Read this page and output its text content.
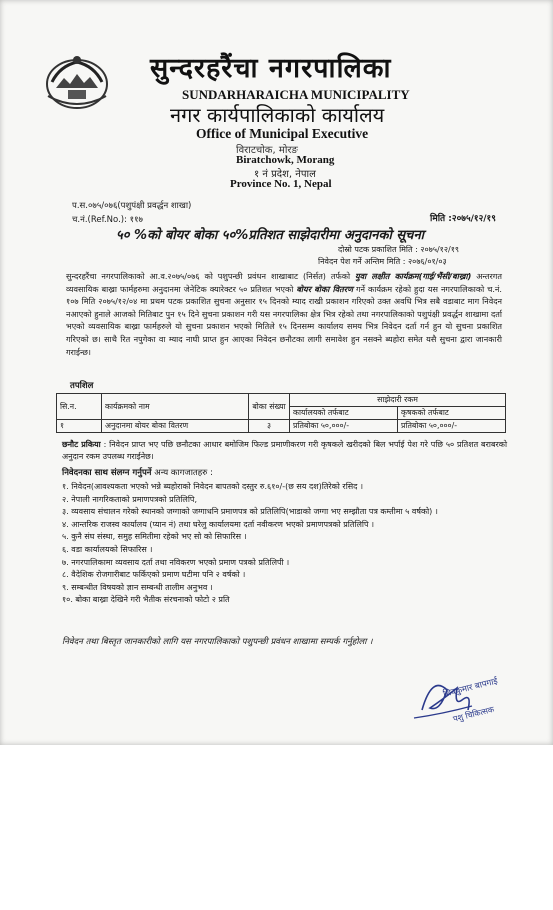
सुन्दरहरैंचा नगरपालिका
SUNDARHARAICHA MUNICIPALITY
नगर कार्यपालिकाको कार्यालय
Office of Municipal Executive
विराटचोक, मोरङ
Biratchowk, Morang
१ नं प्रदेश, नेपाल
Province No. 1, Nepal
प.स.०७५/०७६(पशुपंक्षी प्रवर्द्धन शाखा)
च.नं.(Ref.No.): ११७	मिति :२०७५/१२/१९
५० %को बोयर बोका ५०%प्रतिशत साझेदारीमा अनुदानको सूचना
दोस्रो पटक प्रकाशित मिति : २०७५/१२/१९
निवेदन पेश गर्ने अन्तिम मिति : २०७६/०१/०३
सुन्दरहरैंचा नगरपालिकाको आ.व.२०७५/०७६ को पशुपन्छी प्रवंधन शाखाबाट (निर्सत) तर्फको युवा लक्षीत कार्यक्रम(गाई/भैंसी/बाख्रा) अन्तरगत व्यवसायिक बाख्रा फार्महरुमा अनुदानमा जेनेटिक क्यारेक्टर ५० प्रतिशत भएको बोयर बोका वितरण गर्ने कार्यक्रम रहेको हुदा यस नगरपालिकाको च.नं. १०७ मिति २०७५/१२/०४ मा प्रथम पटक प्रकाशित सुचना अनुसार १५ दिनको म्याद राखी प्रकाशन गरिएको उक्त अवधि भित्र सबै वडाबाट माग निवेदन नआएको हुनाले आजको मितिबाट पुन १५ दिने सुचना प्रकाशन गरी यस नगरपालिका क्षेत्र भित्र रहेको तथा नगरपालिकाको पशुपंक्षी प्रवर्द्धन शाखामा दर्ता भएको व्यवसायिक बाख्रा फार्महरुले यो सुचना प्रकाशन भएको मितिले १५ दिनसम्म कार्यालय समय भित्र निवेदन दर्ता गर्न हुन यो सुचना प्रकाशित गरिएको छ। साथै रित नपुगेका वा म्याद नाघी प्राप्त हुन आएका निवेदन छनौटका लागी समावेश हुन नसक्ने ब्यहोरा समेत यसै सुचना द्वारा जानकारी गराईन्छ।
तपशिल
सि.न.	कार्यक्रमको नाम	बोका संख्या	साझेदारी रकम	
			कार्यालयको तर्फबाट	कृषकको तर्फबाट
१	अनुदानमा बोयर बोका वितरण	३	प्रतिबोका ५०,०००/-	प्रतिबोका ५०,०००/-
छनौट प्रकिया : निवेदन प्राप्त भए पछि छनौटका आधार बमोजिम फिल्ड प्रमाणीकरण गरी कृषकले खरीदको बिल भर्पाई पेश गरे पछि ५० प्रतिशत बराबरको अनुदान रकम उपलब्ध गराईनेछ।
निवेदनका साथ संलग्न गर्नुपर्ने अन्य कागजातहरु :
१. निवेदन(आवश्यकता भएको भन्ने ब्यहोराको निवेदन बापतको दस्तुर रु.६१०/-(छ सय दश)तिरेको रसिद ।
२. नेपाली नागरिकताको प्रमाणपत्रको प्रतिलिपि,
३. व्यवसाय संचालन गरेको स्थानको जग्गाको जग्गाधनि प्रमाणपत्र को प्रतिलिपि(भाडाको जग्गा भए सम्झौता पत्र कम्तीमा ५ वर्षको) ।
४. आन्तरिक राजस्व कार्यालय (प्यान नं) तथा घरेलु कार्यालयमा दर्ता नवीकरण भएको प्रमाणपत्रको प्रतिलिपि ।
५. कुनै संघ संस्था, समुह समितीमा रहेको भए सो को सिफारिस ।
६. वडा कार्यालयको सिफारिस ।
७. नगरपालिकामा व्यवसाय दर्ता तथा नविकरण भएको प्रमाण पत्रको प्रतिलिपी ।
८. वैदेशिक रोजगारीबाट फर्किएको प्रमाण घटीमा पनि २ वर्षको ।
९. सम्बन्धीत विषयको ज्ञान सम्बन्धी तालीम अनुभव ।
१०. बोका बाख्रा देखिने गरी भैतीक संरचनाको फोटो २ प्रति
निवेदन तथा बिस्तृत जानकारीको लागि यस नगरपालिकाको पशुपन्छी प्रवंधन शाखामा सम्पर्क गर्नुहोला ।
शिवकुमार बापगाई
पशु चिकित्सक
